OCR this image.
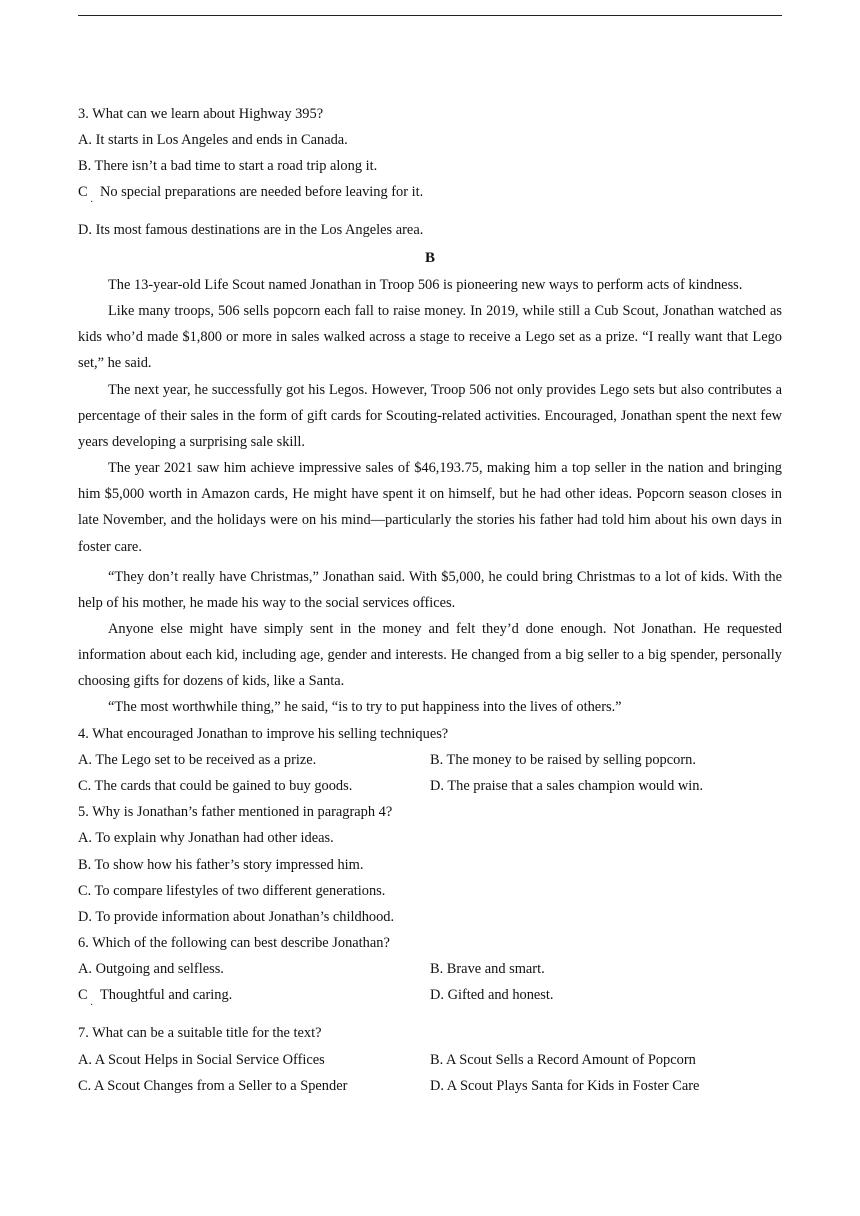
3. What can we learn about Highway 395?
A. It starts in Los Angeles and ends in Canada.
B. There isn’t a bad time to start a road trip along it.
C
·
No special preparations are needed before leaving for it.
D. Its most famous destinations are in the Los Angeles area.
B
The 13-year-old Life Scout named Jonathan in Troop 506 is pioneering new ways to perform acts of kindness.
Like many troops, 506 sells popcorn each fall to raise money. In 2019, while still a Cub Scout, Jonathan watched as kids who’d made $1,800 or more in sales walked across a stage to receive a Lego set as a prize. “I really want that Lego set,” he said.
The next year, he successfully got his Legos. However, Troop 506 not only provides Lego sets but also contributes a percentage of their sales in the form of gift cards for Scouting-related activities. Encouraged, Jonathan spent the next few years developing a surprising sale skill.
The year 2021 saw him achieve impressive sales of $46,193.75, making him a top seller in the nation and bringing him $5,000 worth in Amazon cards, He might have spent it on himself, but he had other ideas. Popcorn season closes in late November, and the holidays were on his mind—particularly the stories his father had told him about his own days in foster care.
“They don’t really have Christmas,” Jonathan said. With $5,000, he could bring Christmas to a lot of kids. With the help of his mother, he made his way to the social services offices.
Anyone else might have simply sent in the money and felt they’d done enough. Not Jonathan. He requested information about each kid, including age, gender and interests. He changed from a big seller to a big spender, personally choosing gifts for dozens of kids, like a Santa.
“The most worthwhile thing,” he said, “is to try to put happiness into the lives of others.”
4. What encouraged Jonathan to improve his selling techniques?
A. The Lego set to be received as a prize.	B. The money to be raised by selling popcorn.
C. The cards that could be gained to buy goods.	D. The praise that a sales champion would win.
5. Why is Jonathan’s father mentioned in paragraph 4?
A. To explain why Jonathan had other ideas.
B. To show how his father’s story impressed him.
C. To compare lifestyles of two different generations.
D. To provide information about Jonathan’s childhood.
6. Which of the following can best describe Jonathan?
A. Outgoing and selfless.	B. Brave and smart.
C
·
Thoughtful and caring.	D. Gifted and honest.
7. What can be a suitable title for the text?
A. A Scout Helps in Social Service Offices	B. A Scout Sells a Record Amount of Popcorn
C. A Scout Changes from a Seller to a Spender	D. A Scout Plays Santa for Kids in Foster Care
